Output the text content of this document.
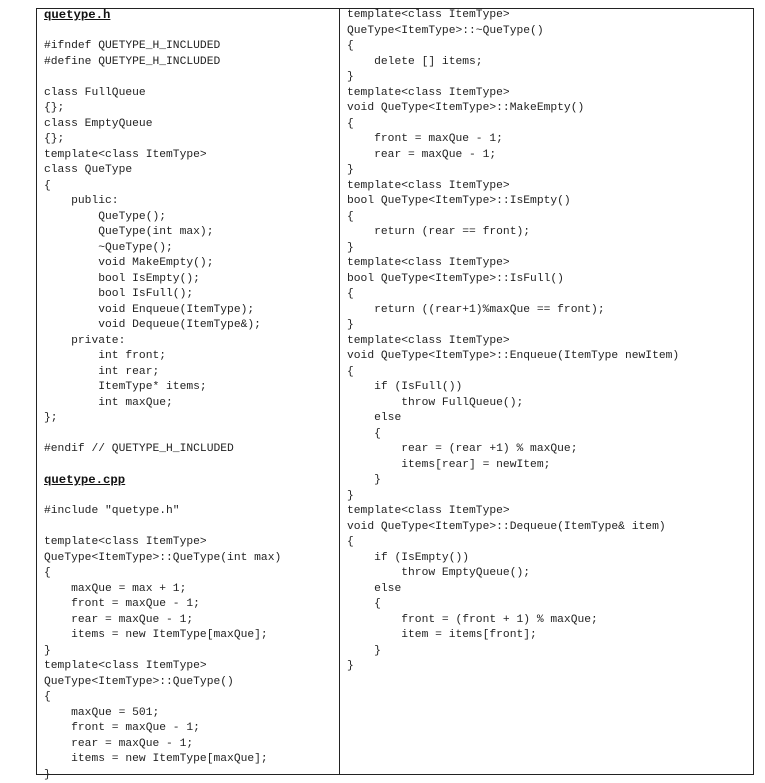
quetype.h
#ifndef QUETYPE_H_INCLUDED
#define QUETYPE_H_INCLUDED
class FullQueue
{};
class EmptyQueue
{};
template<class ItemType>
class QueType
{
public:
QueType();
QueType(int max);
~QueType();
void MakeEmpty();
bool IsEmpty();
bool IsFull();
void Enqueue(ItemType);
void Dequeue(ItemType&);
private:
int front;
int rear;
ItemType* items;
int maxQue;
};
#endif // QUETYPE_H_INCLUDED
quetype.cpp
#include "quetype.h"
template<class ItemType>
QueType<ItemType>::QueType(int max)
{
maxQue = max + 1;
front = maxQue - 1;
rear = maxQue - 1;
items = new ItemType[maxQue];
}
template<class ItemType>
QueType<ItemType>::QueType()
{
maxQue = 501;
front = maxQue - 1;
rear = maxQue - 1;
items = new ItemType[maxQue];
}
template<class ItemType>
QueType<ItemType>::~QueType()
{
delete [] items;
}
template<class ItemType>
void QueType<ItemType>::MakeEmpty()
{
front = maxQue - 1;
rear = maxQue - 1;
}
template<class ItemType>
bool QueType<ItemType>::IsEmpty()
{
return (rear == front);
}
template<class ItemType>
bool QueType<ItemType>::IsFull()
{
return ((rear+1)%maxQue == front);
}
template<class ItemType>
void QueType<ItemType>::Enqueue(ItemType newItem)
{
if (IsFull())
throw FullQueue();
else
{
rear = (rear +1) % maxQue;
items[rear] = newItem;
}
}
template<class ItemType>
void QueType<ItemType>::Dequeue(ItemType& item)
{
if (IsEmpty())
throw EmptyQueue();
else
{
front = (front + 1) % maxQue;
item = items[front];
}
}
